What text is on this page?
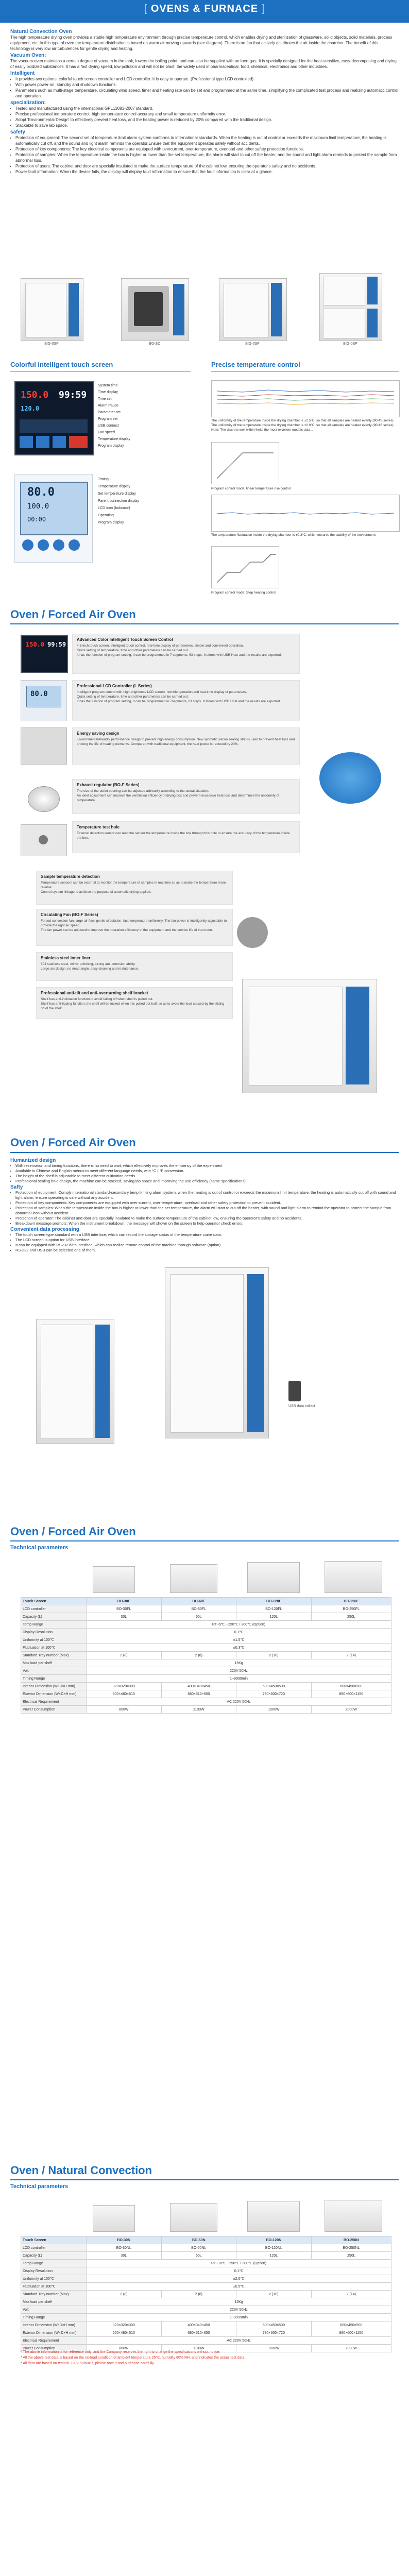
[ OVENS & FURNACE ]
Natural Convection Oven

The high temperature drying oven provides a stable high temperature environment through precise temperature control, which enables drying and sterilization of glassware, solid objects, solid materials, process equipment, etc. In this type of oven the temperature distribution is based on warm air moving upwards (see diagram). There is no fan that actively distributes the air inside the chamber. The benefit of this technology is very low air turbulences for gentle drying and heating.

Vacuum Oven:

The vacuum oven maintains a certain degree of vacuum in the tank, lowers the boiling point, and can also be supplied with an inert gas. It is specially designed for the heat-sensitive, easy-decomposing and drying of easily oxidized substances. It has a fast drying speed, low pollution and will not be blast; the widely used in pharmaceutical, food, chemical, electronics and other industries.

Intelligent
• It provides two options: colorful touch screen controller and LCD controller. It is easy to operate. (Professional type LCD controlled)
• With power power-on, standby and shutdown functions.
• Parameters such as multi-stage temperature, circulating wind speed, timer and heating rate can be set and programmed at the same time, simplifying the complicated test process and realizing automatic control and operation.
specialization:
• Tested and manufactured using the international GPL13083-2007 standard.
• Precise professional temperature control, high temperature control accuracy and small temperature uniformity error.
• Adopt 'Environmental Design' to effectively prevent heat loss, and the heating power is reduced by 20% compared with the traditional design.
• Stackable to save lab space.
safety
• Protection of equipment: The second set of temperature limit alarm system conforms to international standards. When the heating is out of control or exceeds the maximum limit temperature, the heating is automatically cut off, and the sound and light alarm reminds the operator.Ensure that the equipment operates safely without accidents.
• Protection of key components: The key electrical components are equipped with overcurrent, over-temperature, overload and other safety protection functions.
• Protection of samples: When the temperature inside the box is higher or lower than the set temperature, the alarm will start to cut off the heater, and the sound and light alarm reminds to protect the sample from abnormal loss.
• Protection of users: The cabinet and door are specially insulated to make the surface temperature of the cabinet low, ensuring the operator's safety and no accidents.
• Power fault information: When the device fails, the display will display fault information to ensure that the fault information is clear at a glance.
BIG-0SP	BG-SD	BIG-0SP	BIG-0SP
Colorful intelligent touch screen	Precise temperature control
150.0 99:59
120.0
System time
Time display
Time set
Alarm Pause
Parameter set
Program set
USB connect
Fan speed
Temperature display
Program display
80.0
100.0
00:00
Timing
Temperature display
Set temperature display
Parent connection display
LCD Icon (Indicator)
Operating
Program display
The uniformity of the temperature inside the drying chamber is ±2.5°C, so that all samples are heated evenly (90/4S series)
The uniformity of the temperature inside the drying chamber is ±2.0°C, so that all samples are heated evenly (90/4S series)
Note: The discrete well within limits the most excellent models data...
Program control mode, linear temperature rise control
The temperature fluctuation inside the drying chamber is ±0.3°C, which ensures the stability of the environment
Program control mode, Step heating control
Oven / Forced Air Oven
150.0 99:59
Advanced Color Intelligent Touch Screen Control
4.3-inch touch screen, intelligent touch control, real-time display of parameters, simple and convenient operation.
Quick setting of temperature, time and other parameters can be carried out.
It has the function of program setting, it can be programmed in 7 segments, 63 steps. It stores with USB Host and the results are exported.
80.0
Professional LCD Controller (L Series)
Intelligent program control with high-brightness LCD screen, humble operation and real-time display of parameters.
Quick setting of temperature, time and other parameters can be carried out.
It has the function of program setting, it can be programmed in 7segments, 63 steps. It stores with USB Host and the results are exported.
Energy saving design
Environmental-friendly performance design to prevent high energy consumption. New synthetic silicon sealing strip is used to prevent heat loss and prolong the life of heating elements. Compared with traditional equipment, the heat power is reduced by 20%.
Exhaust regulator (BO-F Series)
The size of the outlet opening can be adjusted arbitrarily according to the actual situation.
An ideal adjustment can improve the ventilation efficiency of drying box and prevent excessive heat loss and determines the uniformity of temperature.
Temperature test hole
External detection sensor can read the sensor the temperature inside the box through this hole to ensure the accuracy of the temperature inside the box.
Sample temperature detection
Temperature sensors can be external to monitor the temperature of samples in real time so as to make the temperature more reliable.
Control system linkage to achieve the purpose of automatic drying applied.
Circulating Fan (BO-F Series)
Forced convection fan, large air flow, gentle circulation, fast temperature uniformity. The fan power is intelligently adjustable to provide the right air speed.
The fan power can be adjusted to improve the operation efficiency of the equipment and the service life of the motor.
Stainless steel inner liner
304 stainless steel, mirror polishing, strong anti-corrosion ability.
Large arc design, no dead angle, easy cleaning and maintenance.
Professional anti-tilt and anti-overturning shelf bracket
Shelf has anti-inclination function to avoid falling off when shelf is pulled out.
Shelf has anti-tipping function, the shelf will be locked when it is pulled out half, so as to avoid the load caused by the sliding off of the shelf.
Oven / Forced Air Oven
Humanized design
• With reservation and timing functions, there is no need to wait, which effectively improves the efficiency of the experiment
• Available in Chinese and English menus to meet different language needs, with °C / °F conversion.
• The height of the shelf is adjustable to meet different cultivation needs.
• Professional sealing hole design, the machine can be stacked, saving lab space and improving the use efficiency (same specifications).
Safty
• Protection of equipment: Comply international standard-secondary temp limiting alarm system, when the heating is out of control or exceeds the maximum limit temperature, the heating is automatically cut off with sound and light alarm, ensure operating is safe without any accident.
• Protection of key components: Key components are equipped with over-current, over-temperature, overload and other safety protection to prevent accident.
• Protection of samples: When the temperature inside the box is higher or lower than the set temperature, the alarm will start to cut off the heater, with sound and light alarm to remind the operator to protect the sample from abnormal loss without accident.
• Protection of operator: The cabinet and door are specially insulated to make the surface temperature of the cabinet low, ensuring the operator's safety and no accidents.
• Breakdown message prompts: When the instrument breakdown, the message will shown on the screen to help operator check errors.
Convenient data processing
• The touch screen type standard with a USB interface, which can record the storage status of the temperature curve data.
• The LCD screen is option for USB interface.
• It can be equipped with RS232 data interface, which can realize remote control of the machine through software (option).
• RS-232 and USB can be selected one of them.
USB data collect
Oven / Forced Air Oven
Technical parameters
Touch Screen	BO-30F	BO-60F	BO-120F	BO-250F
LCD controller	BO-30FL	BO-60FL	BO-120FL	BO-250FL
Capacity (L)	30L	60L	120L	250L
Temp Range	RT+5℃ ~250℃ / 300℃ (Option)			
Display Resolution	0.1℃			
Uniformity at 100℃	±1.5℃			
Fluctuation at 100℃	±0.3℃			
Standard Tray number (Max)	2 (8)	2 (8)	2 (10)	2 (14)
Max load per shelf	15Kg			
Volt	220V 50Hz			
Timing Range	1~9999min			
Interior Dimension (W×D×H mm)	320×320×300	400×340×450	500×450×500	600×450×900
Exterior Dimension (W×D×H mm)	600×480×510	680×510×650	780×600×720	880×600×1150
Electrical Requirement	AC 220V 50Hz			
Power Consumption	800W	1100W	1500W	2000W
Oven / Natural Convection
Technical parameters
Touch Screen	BO-30N	BO-60N	BO-120N	BO-250N
LCD controller	BO-30NL	BO-60NL	BO-120NL	BO-250NL
Capacity (L)	30L	60L	120L	250L
Temp Range	RT+10℃ ~250℃ / 300℃ (Option)			
Display Resolution	0.1℃			
Uniformity at 100℃	±2.5℃			
Fluctuation at 100℃	±0.5℃			
Standard Tray number (Max)	2 (8)	2 (8)	2 (10)	2 (14)
Max load per shelf	15Kg			
Volt	220V 50Hz			
Timing Range	1~9999min			
Interior Dimension (W×D×H mm)	320×320×300	400×340×450	500×450×500	600×450×900
Exterior Dimension (W×D×H mm)	600×480×510	680×510×650	780×600×720	880×600×1150
Electrical Requirement	AC 220V 50Hz			
Power Consumption	800W	1100W	1500W	2000W
* The above information is for reference only, and the Company reserves the right to change the specifications without notice.
* All the above test data is based on the no-load condition of ambient temperature 25°C, humidity 60% RH, and indicates the actual test data.
* All data are based on tests in 220V 50/60Hz, please note it and purchase carefully.
